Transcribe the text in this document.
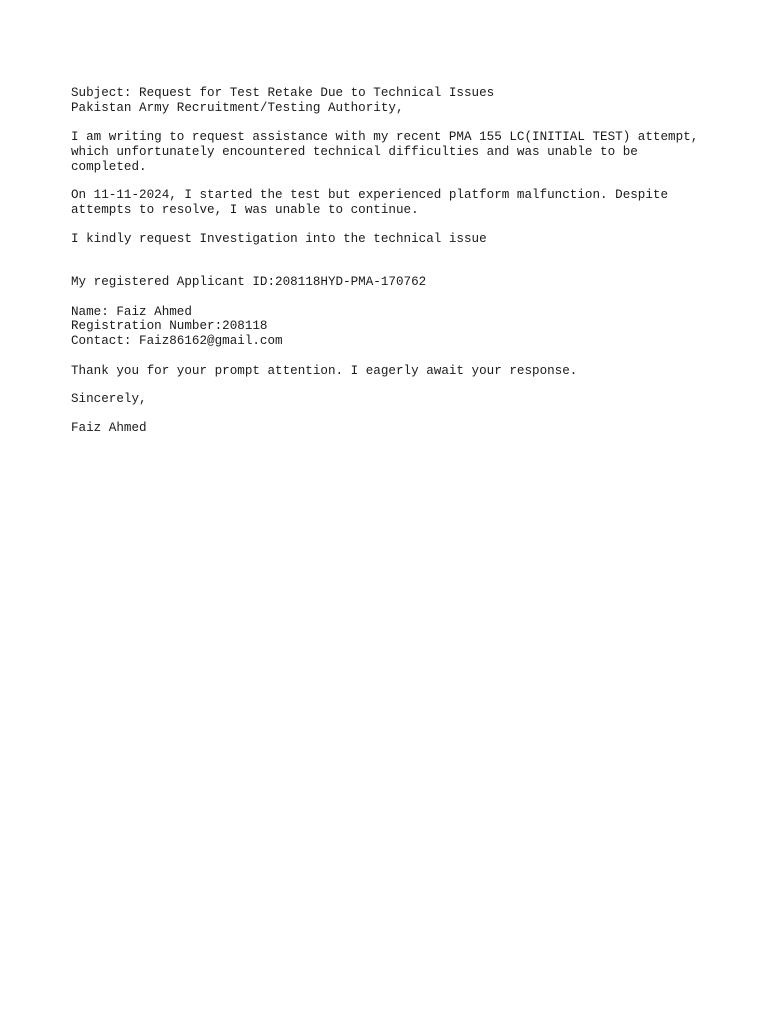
Subject: Request for Test Retake Due to Technical Issues
Pakistan Army Recruitment/Testing Authority,
I am writing to request assistance with my recent PMA 155 LC(INITIAL TEST) attempt,
which unfortunately encountered technical difficulties and was unable to be
completed.
On 11-11-2024, I started the test but experienced platform malfunction. Despite
attempts to resolve, I was unable to continue.
I kindly request Investigation into the technical issue
My registered Applicant ID:208118HYD-PMA-170762
Name: Faiz Ahmed
Registration Number:208118
Contact: Faiz86162@gmail.com
Thank you for your prompt attention. I eagerly await your response.
Sincerely,
Faiz Ahmed
